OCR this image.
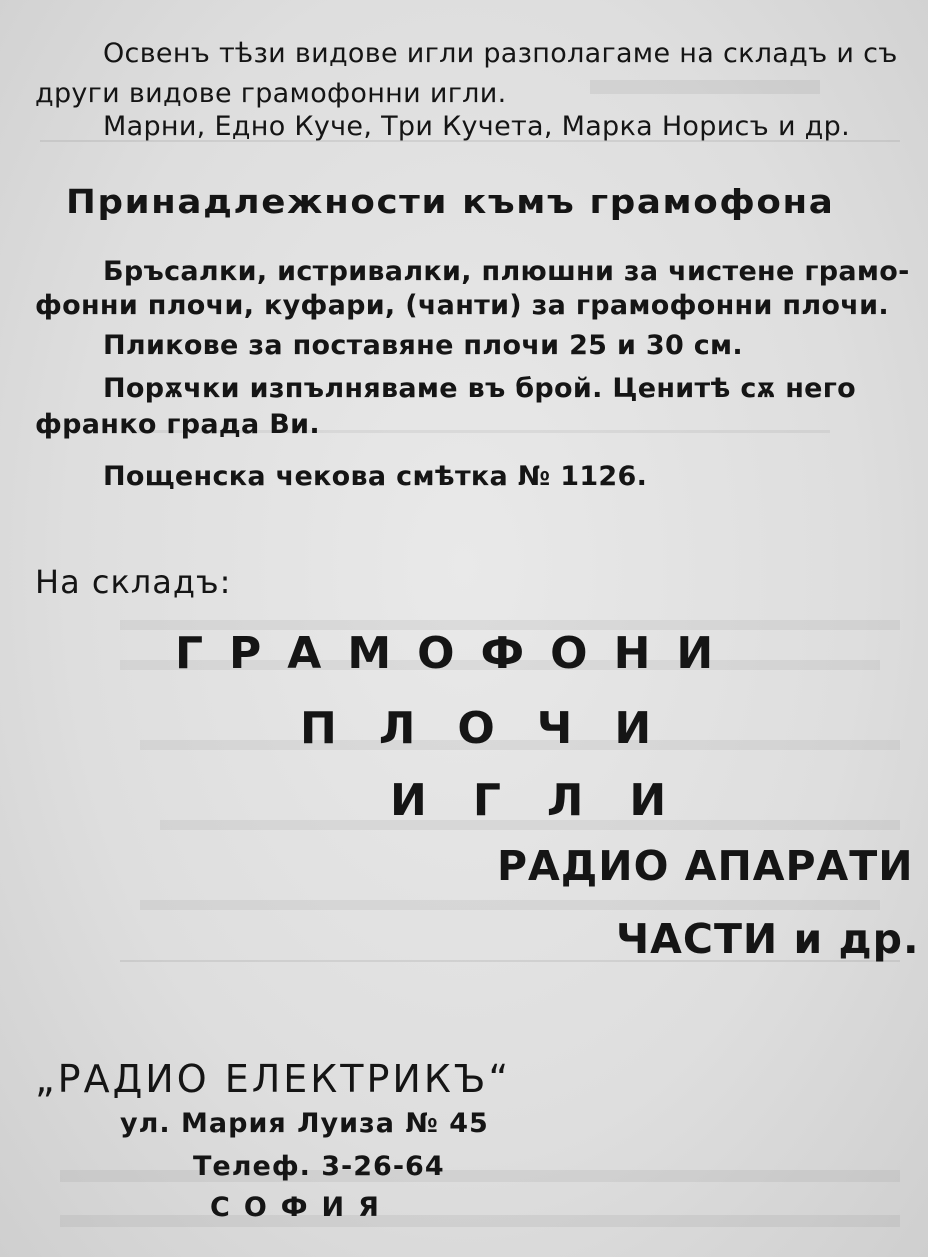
Освенъ тѣзи видове игли разполагаме на складъ и съ
други видове грамофонни игли.
Марни, Едно Куче, Три Кучета, Марка Норисъ и др.
Принадлежности къмъ грамофона
Бръсалки, истривалки, плюшни за чистене грамо-
фонни плочи, куфари, (чанти) за грамофонни плочи.
Пликове за поставяне плочи 25 и 30 см.
Порѫчки изпълняваме въ брой. Ценитѣ сѫ него
франко града Ви.
Пощенска чекова смѣтка № 1126.
На складъ:
ГРАМОФОНИ
ПЛОЧИ
ИГЛИ
РАДИО АПАРАТИ
ЧАСТИ и др.
„РАДИО ЕЛЕКТРИКЪ“
ул. Мария Луиза № 45
Телеф. 3-26-64
СОФИЯ
